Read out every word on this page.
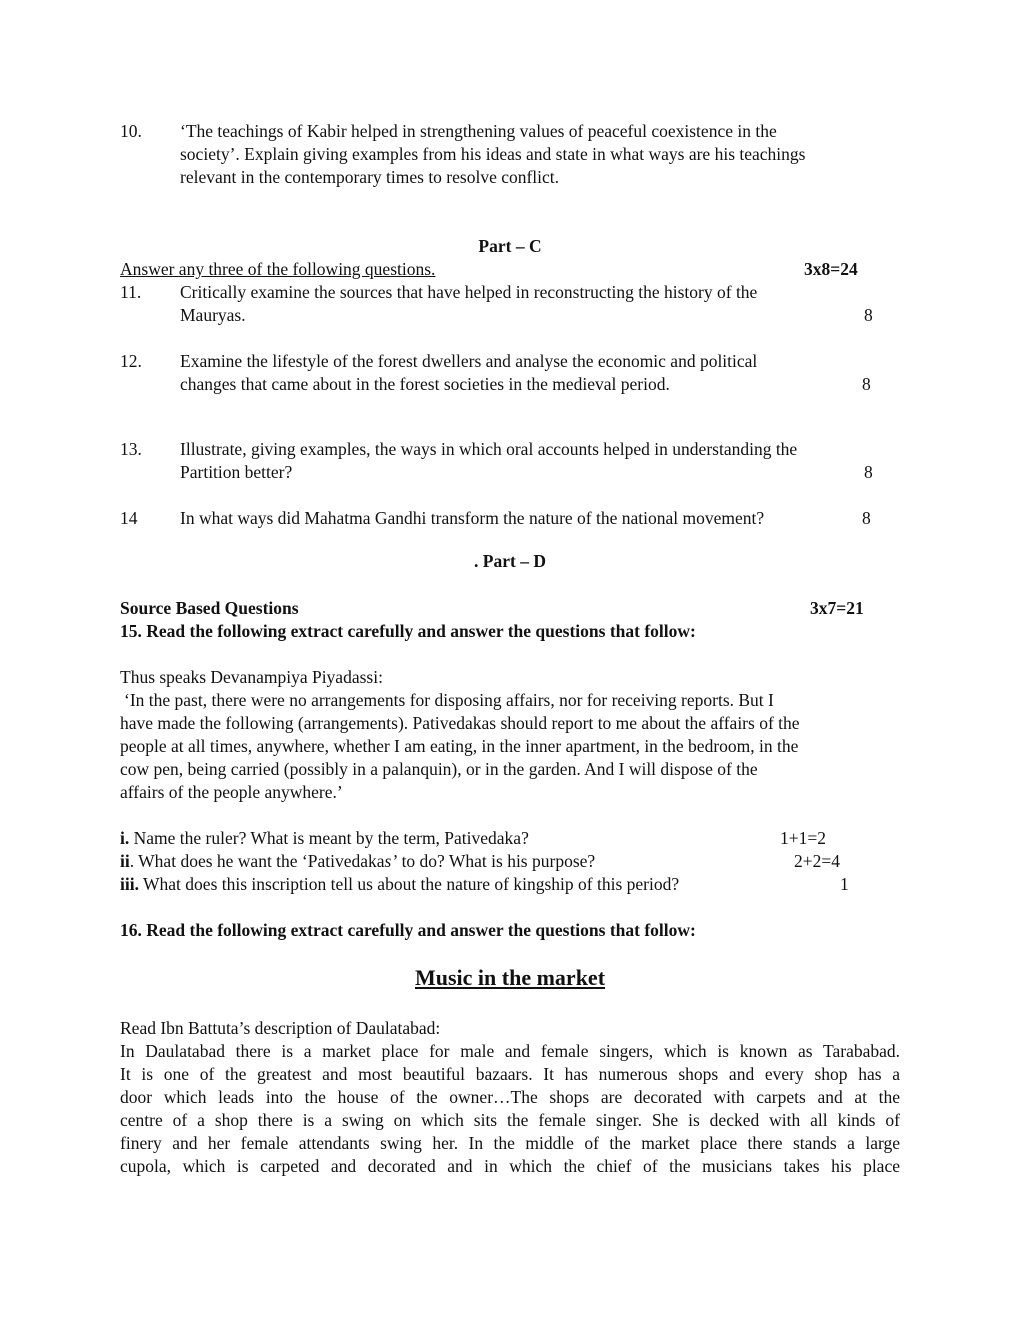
10. ‘The teachings of Kabir helped in strengthening values of peaceful coexistence in the
society’. Explain giving examples from his ideas and state in what ways are his teachings
relevant in the contemporary times to resolve conflict.
Part – C
Answer any three of the following questions.	3x8=24
11. Critically examine the sources that have helped in reconstructing the history of the
Mauryas.	8
12. Examine the lifestyle of the forest dwellers and analyse the economic and political
changes that came about in the forest societies in the medieval period.	8
13. Illustrate, giving examples, the ways in which oral accounts helped in understanding the
Partition better?	8
14 In what ways did Mahatma Gandhi transform the nature of the national movement?	8
. Part – D
Source Based Questions	3x7=21
15. Read the following extract carefully and answer the questions that follow:
Thus speaks Devanampiya Piyadassi:
‘In the past, there were no arrangements for disposing affairs, nor for receiving reports. But I
have made the following (arrangements). Pativedakas should report to me about the affairs of the
people at all times, anywhere, whether I am eating, in the inner apartment, in the bedroom, in the
cow pen, being carried (possibly in a palanquin), or in the garden. And I will dispose of the
affairs of the people anywhere.’
i. Name the ruler? What is meant by the term, Pativedaka?	1+1=2
ii. What does he want the ‘Pativedakas’ to do? What is his purpose?	2+2=4
iii. What does this inscription tell us about the nature of kingship of this period?	1
16. Read the following extract carefully and answer the questions that follow:
Music in the market
Read Ibn Battuta’s description of Daulatabad:
In Daulatabad there is a market place for male and female singers, which is known as Tarababad.
It is one of the greatest and most beautiful bazaars. It has numerous shops and every shop has a
door which leads into the house of the owner…The shops are decorated with carpets and at the
centre of a shop there is a swing on which sits the female singer. She is decked with all kinds of
finery and her female attendants swing her. In the middle of the market place there stands a large
cupola, which is carpeted and decorated and in which the chief of the musicians takes his place
